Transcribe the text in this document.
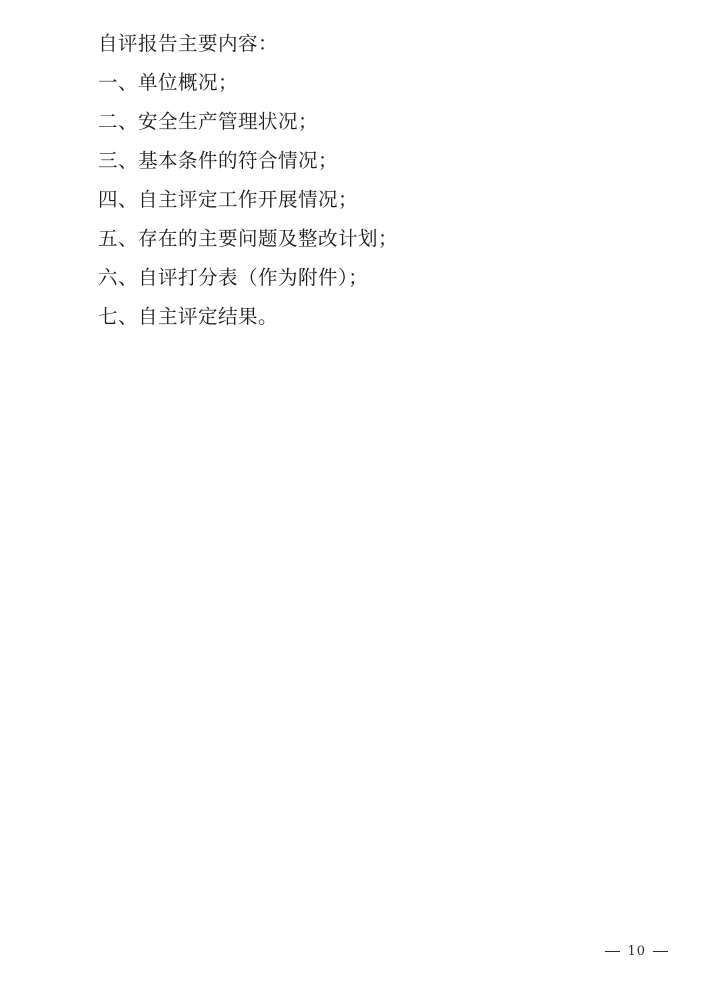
自评报告主要内容：
一、单位概况；
二、安全生产管理状况；
三、基本条件的符合情况；
四、自主评定工作开展情况；
五、存在的主要问题及整改计划；
六、自评打分表（作为附件）；
七、自主评定结果。
10
